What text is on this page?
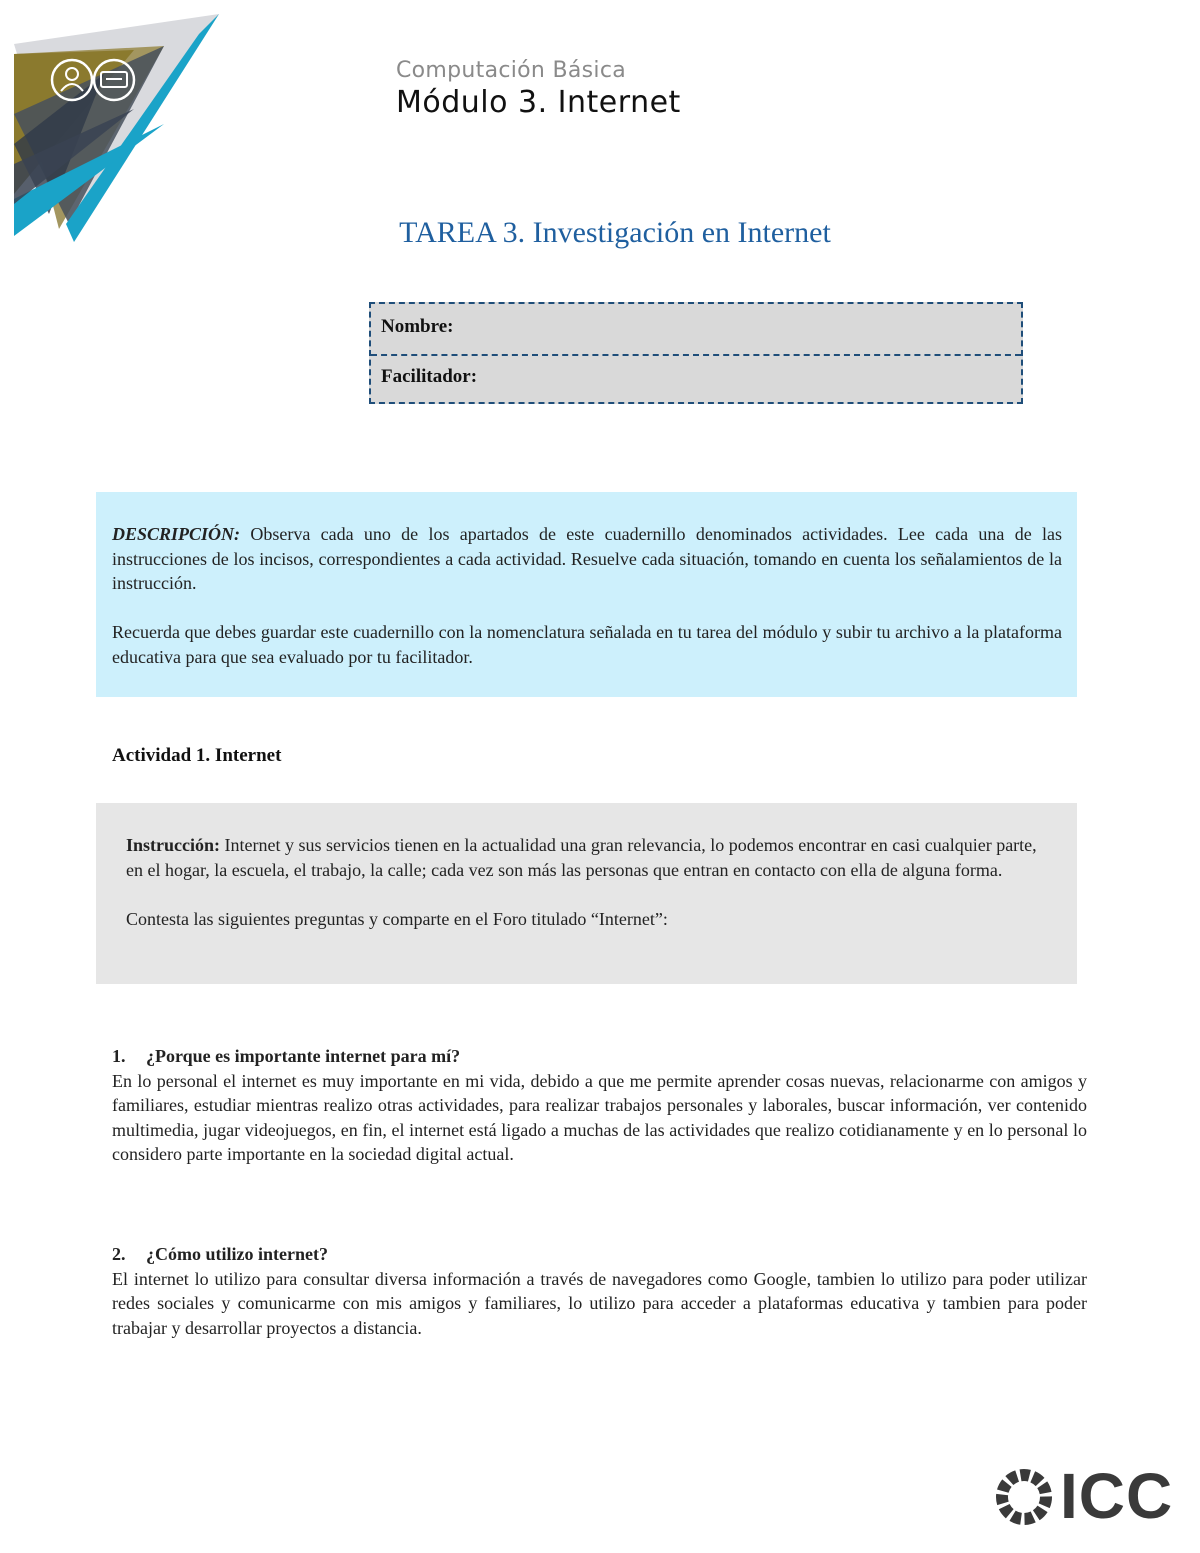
Computación Básica
Módulo 3. Internet
TAREA 3. Investigación en Internet
Nombre:
Facilitador:

DESCRIPCIÓN: Observa cada uno de los apartados de este cuadernillo denominados actividades. Lee cada una de las instrucciones de los incisos, correspondientes a cada actividad. Resuelve cada situación, tomando en cuenta los señalamientos de la instrucción.

Recuerda que debes guardar este cuadernillo con la nomenclatura señalada en tu tarea del módulo y subir tu archivo a la plataforma educativa para que sea evaluado por tu facilitador.

Actividad 1. Internet

Instrucción: Internet y sus servicios tienen en la actualidad una gran relevancia, lo podemos encontrar en casi cualquier parte, en el hogar, la escuela, el trabajo, la calle; cada vez son más las personas que entran en contacto con ella de alguna forma.

Contesta las siguientes preguntas y comparte en el Foro titulado “Internet”:

1. ¿Porque es importante internet para mí?
En lo personal el internet es muy importante en mi vida, debido a que me permite aprender cosas nuevas, relacionarme con amigos y familiares, estudiar mientras realizo otras actividades, para realizar trabajos personales y laborales, buscar información, ver contenido multimedia, jugar videojuegos, en fin, el internet está ligado a muchas de las actividades que realizo cotidianamente y en lo personal lo considero parte importante en la sociedad digital actual.
2. ¿Cómo utilizo internet?
El internet lo utilizo para consultar diversa información a través de navegadores como Google, tambien lo utilizo para poder utilizar redes sociales y comunicarme con mis amigos y familiares, lo utilizo para acceder a plataformas educativa y tambien para poder trabajar y desarrollar proyectos a distancia.
ICC
